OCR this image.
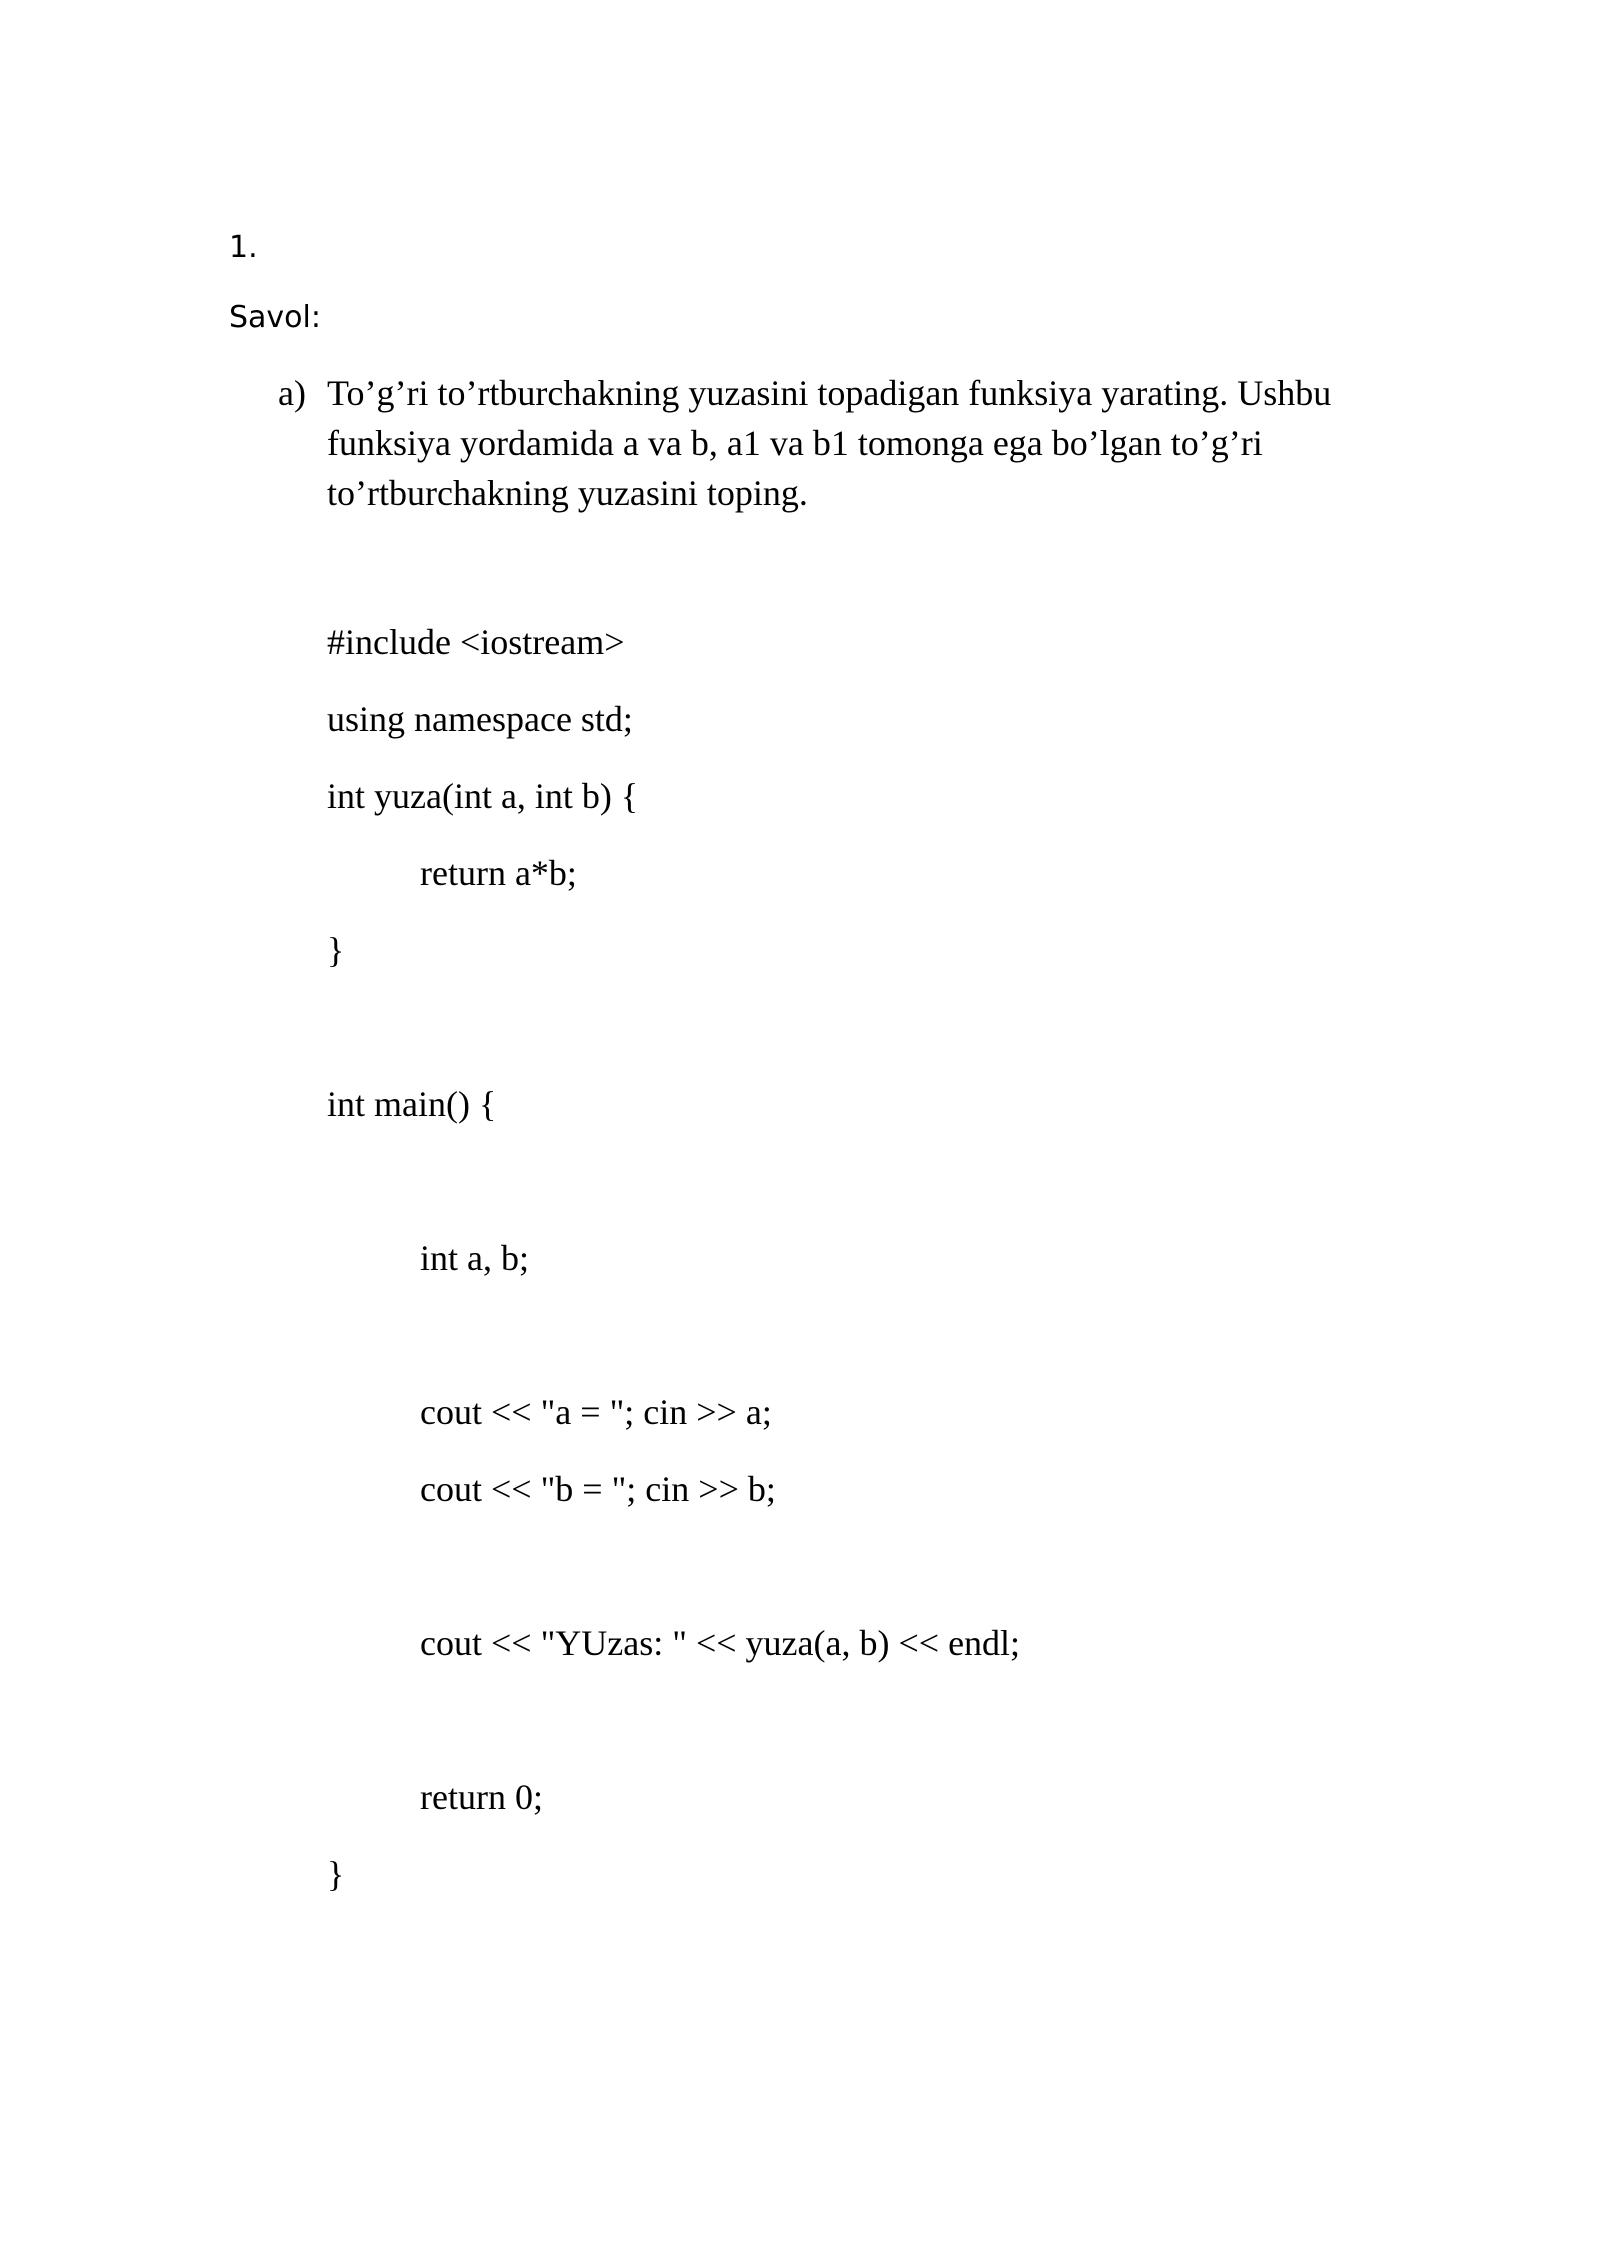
1.
Savol:
a) To’g’ri to’rtburchakning yuzasini topadigan funksiya yarating. Ushbu funksiya yordamida a va b, a1 va b1 tomonga ega bo’lgan to’g’ri to’rtburchakning yuzasini toping.
#include <iostream>
using namespace std;
int yuza(int a, int b) {
return a*b;
}
int main() {
int a, b;
cout << "a = "; cin >> a;
cout << "b = "; cin >> b;
cout << "YUzas: " << yuza(a, b) << endl;
return 0;
}
